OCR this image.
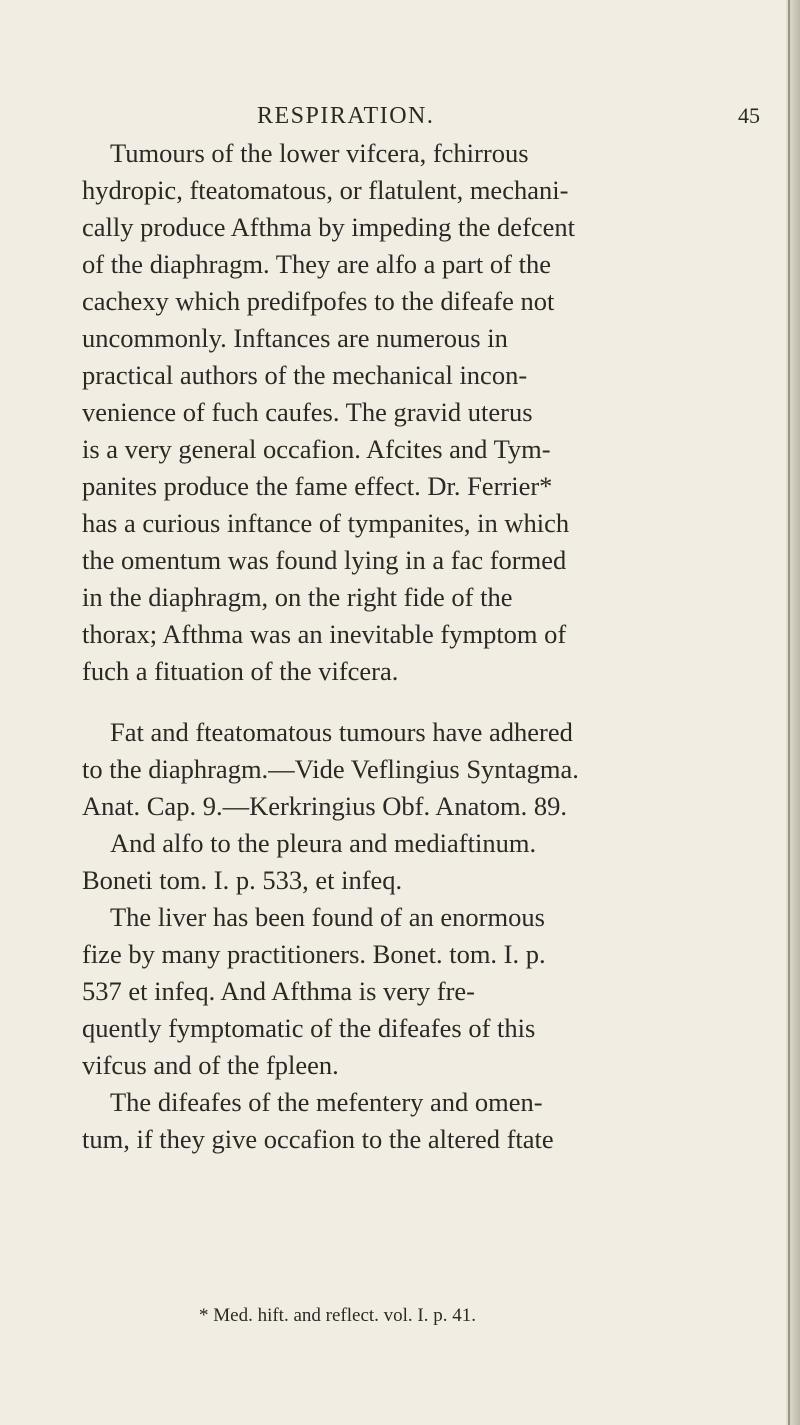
RESPIRATION.	45
Tumours of the lower vifcera, fchirrous
hydropic, fteatomatous, or flatulent, mechani-
cally produce Afthma by impeding the defcent
of the diaphragm. They are alfo a part of the
cachexy which predifpofes to the difeafe not
uncommonly. Inftances are numerous in
practical authors of the mechanical incon-
venience of fuch caufes. The gravid uterus
is a very general occafion. Afcites and Tym-
panites produce the fame effect. Dr. Ferrier*
has a curious inftance of tympanites, in which
the omentum was found lying in a fac formed
in the diaphragm, on the right fide of the
thorax; Afthma was an inevitable fymptom of
fuch a fituation of the vifcera.
Fat and fteatomatous tumours have adhered
to the diaphragm.—Vide Veflingius Syntagma.
Anat. Cap. 9.—Kerkringius Obf. Anatom. 89.
And alfo to the pleura and mediaftinum.
Boneti tom. I. p. 533, et infeq.
The liver has been found of an enormous
fize by many practitioners. Bonet. tom. I. p.
537 et infeq. And Afthma is very fre-
quently fymptomatic of the difeafes of this
vifcus and of the fpleen.
The difeafes of the mefentery and omen-
tum, if they give occafion to the altered ftate
* Med. hift. and reflect. vol. I. p. 41.
